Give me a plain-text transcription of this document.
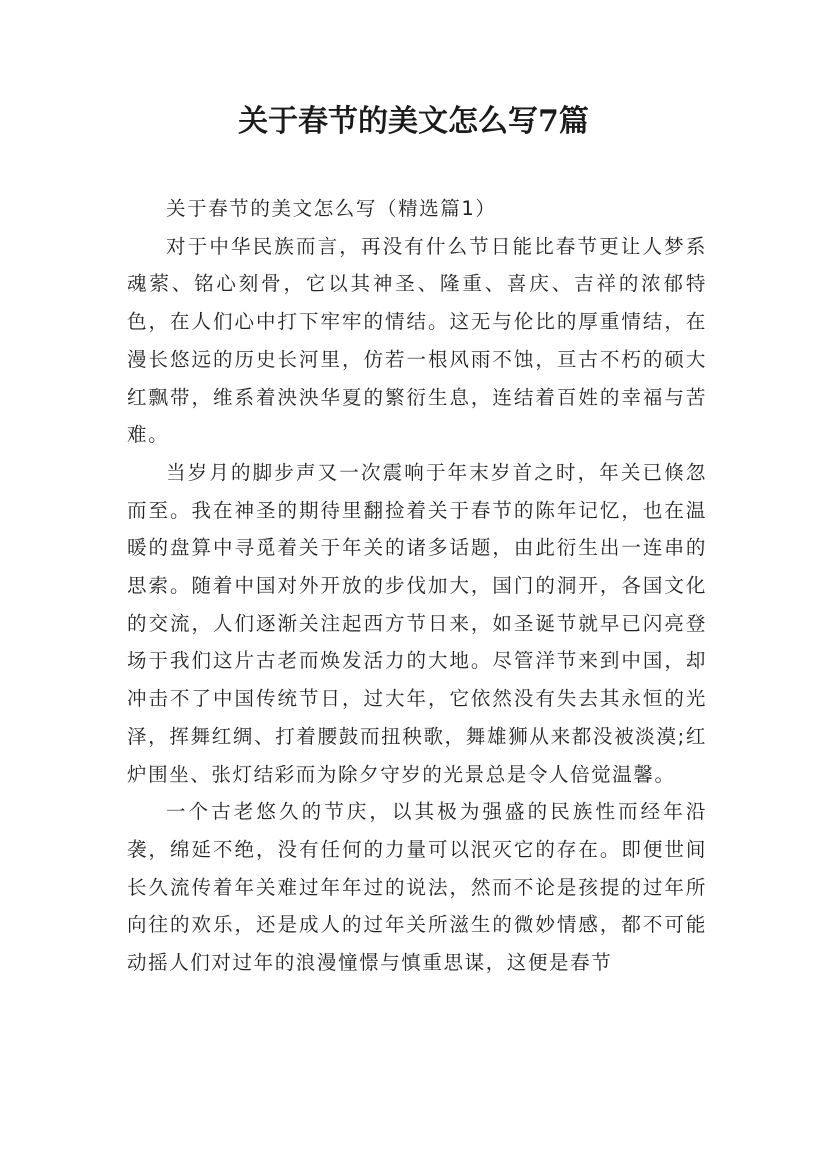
关于春节的美文怎么写7篇

关于春节的美文怎么写（精选篇1）

对于中华民族而言，再没有什么节日能比春节更让人梦系魂萦、铭心刻骨，它以其神圣、隆重、喜庆、吉祥的浓郁特色，在人们心中打下牢牢的情结。这无与伦比的厚重情结，在漫长悠远的历史长河里，仿若一根风雨不蚀，亘古不朽的硕大红飘带，维系着泱泱华夏的繁衍生息，连结着百姓的幸福与苦难。

当岁月的脚步声又一次震响于年末岁首之时，年关已倏忽而至。我在神圣的期待里翻捡着关于春节的陈年记忆，也在温暖的盘算中寻觅着关于年关的诸多话题，由此衍生出一连串的思索。随着中国对外开放的步伐加大，国门的洞开，各国文化的交流，人们逐渐关注起西方节日来，如圣诞节就早已闪亮登场于我们这片古老而焕发活力的大地。尽管洋节来到中国，却冲击不了中国传统节日，过大年，它依然没有失去其永恒的光泽，挥舞红绸、打着腰鼓而扭秧歌，舞雄狮从来都没被淡漠;红炉围坐、张灯结彩而为除夕守岁的光景总是令人倍觉温馨。

一个古老悠久的节庆，以其极为强盛的民族性而经年沿袭，绵延不绝，没有任何的力量可以泯灭它的存在。即便世间长久流传着年关难过年年过的说法，然而不论是孩提的过年所向往的欢乐，还是成人的过年关所滋生的微妙情感，都不可能动摇人们对过年的浪漫憧憬与慎重思谋，这便是春节
